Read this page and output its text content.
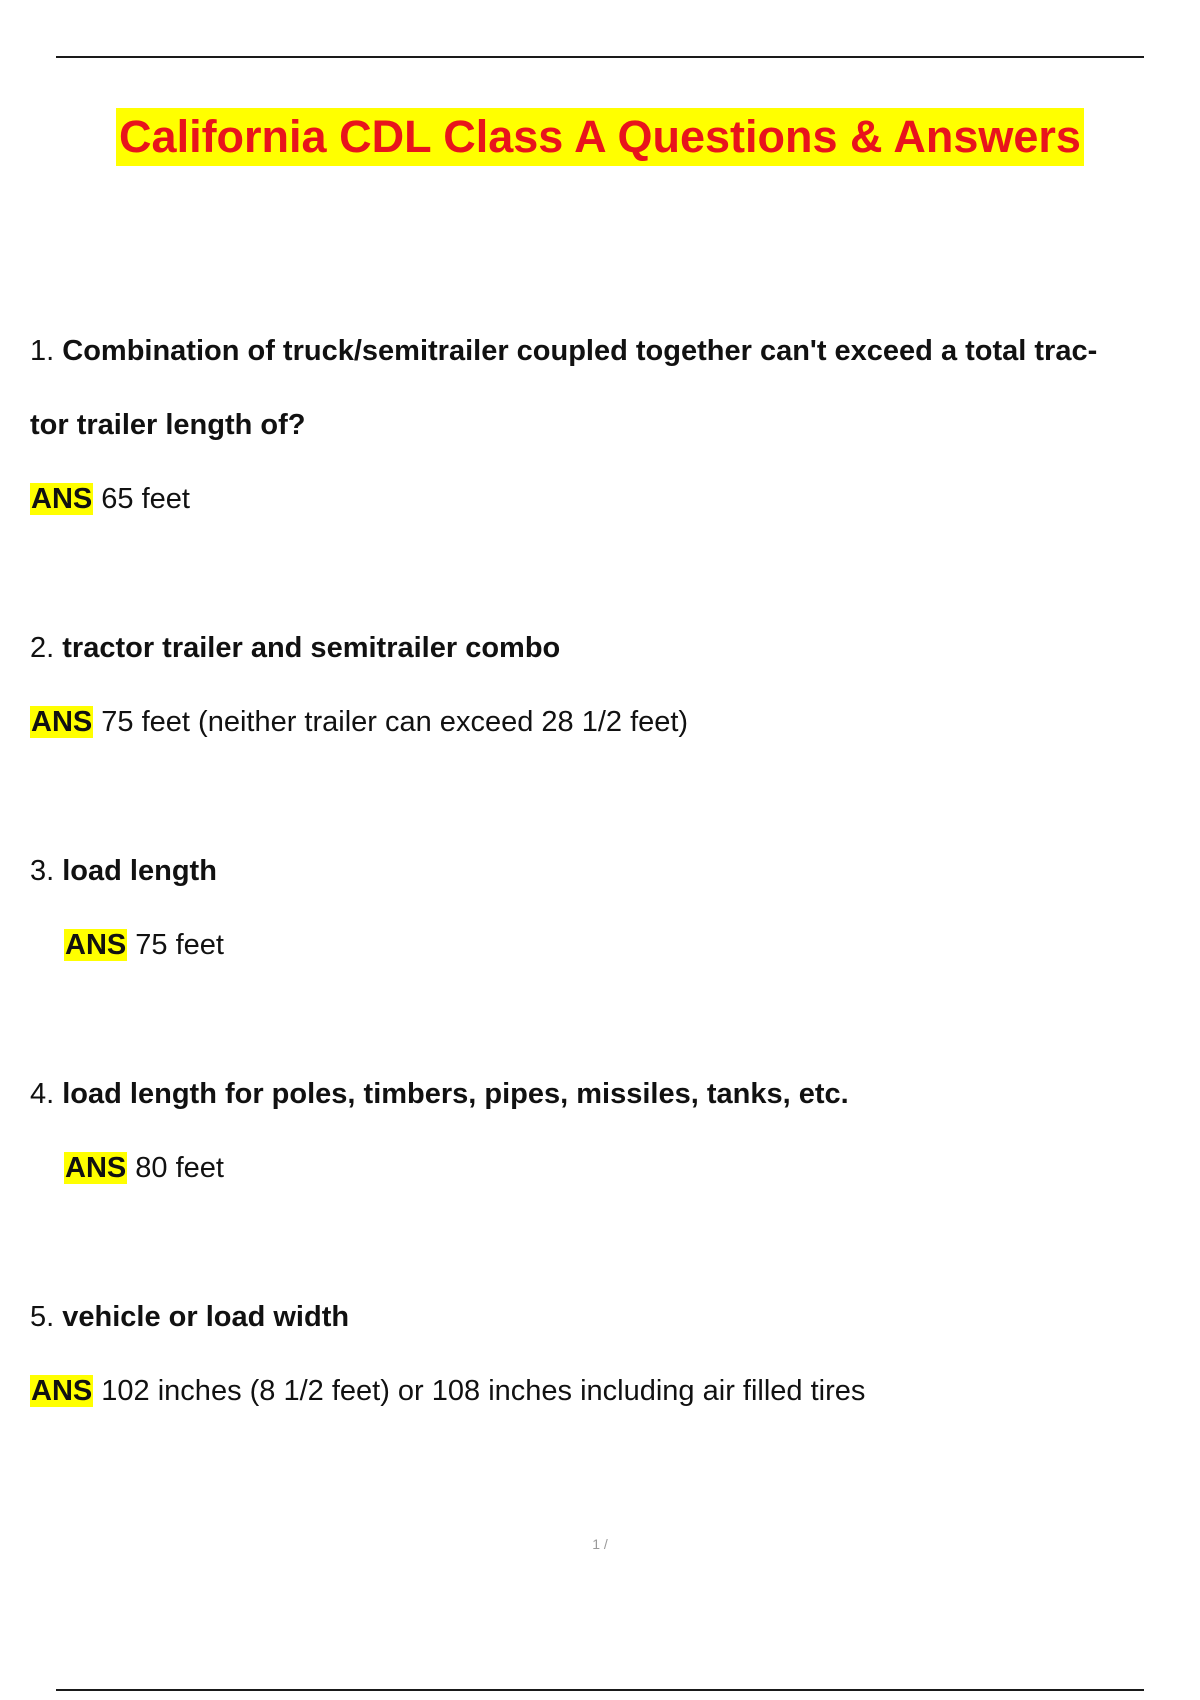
California CDL Class A Questions & Answers
1. Combination of truck/semitrailer coupled together can't exceed a total trac-
tor trailer length of?
ANS 65 feet
2. tractor trailer and semitrailer combo
ANS 75 feet (neither trailer can exceed 28 1/2 feet)
3. load length
ANS 75 feet
4. load length for poles, timbers, pipes, missiles, tanks, etc.
ANS 80 feet
5. vehicle or load width
ANS 102 inches (8 1/2 feet) or 108 inches including air filled tires
1 /
